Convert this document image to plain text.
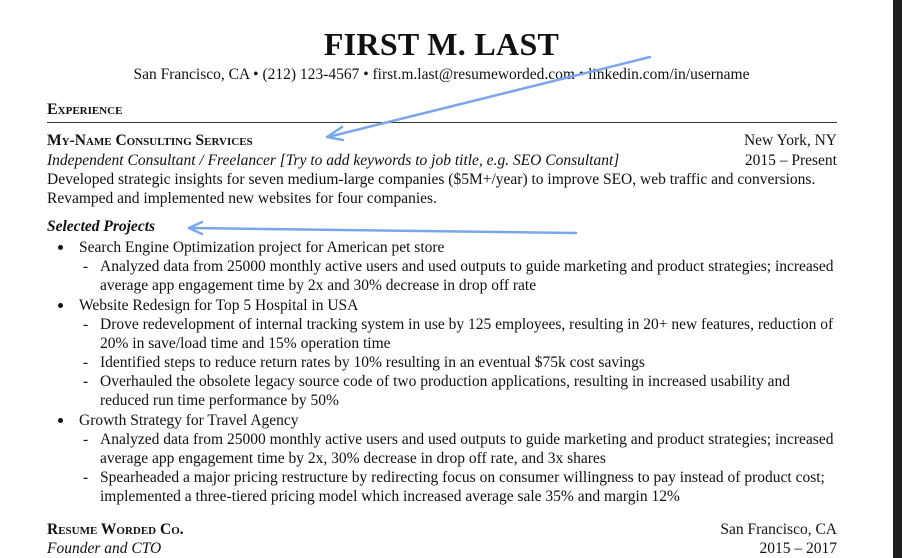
FIRST M. LAST
San Francisco, CA • (212) 123-4567 • first.m.last@resumeworded.com • linkedin.com/in/username
Experience
My-Name Consulting Services	New York, NY
Independent Consultant / Freelancer [Try to add keywords to job title, e.g. SEO Consultant]	2015 – Present
Developed strategic insights for seven medium-large companies ($5M+/year) to improve SEO, web traffic and conversions. Revamped and implemented new websites for four companies.
Selected Projects
Search Engine Optimization project for American pet store
- Analyzed data from 25000 monthly active users and used outputs to guide marketing and product strategies; increased average app engagement time by 2x and 30% decrease in drop off rate
Website Redesign for Top 5 Hospital in USA
- Drove redevelopment of internal tracking system in use by 125 employees, resulting in 20+ new features, reduction of 20% in save/load time and 15% operation time
- Identified steps to reduce return rates by 10% resulting in an eventual $75k cost savings
- Overhauled the obsolete legacy source code of two production applications, resulting in increased usability and reduced run time performance by 50%
Growth Strategy for Travel Agency
- Analyzed data from 25000 monthly active users and used outputs to guide marketing and product strategies; increased average app engagement time by 2x, 30% decrease in drop off rate, and 3x shares
- Spearheaded a major pricing restructure by redirecting focus on consumer willingness to pay instead of product cost; implemented a three-tiered pricing model which increased average sale 35% and margin 12%
Resume Worded Co.	San Francisco, CA
Founder and CTO	2015 – 2017
